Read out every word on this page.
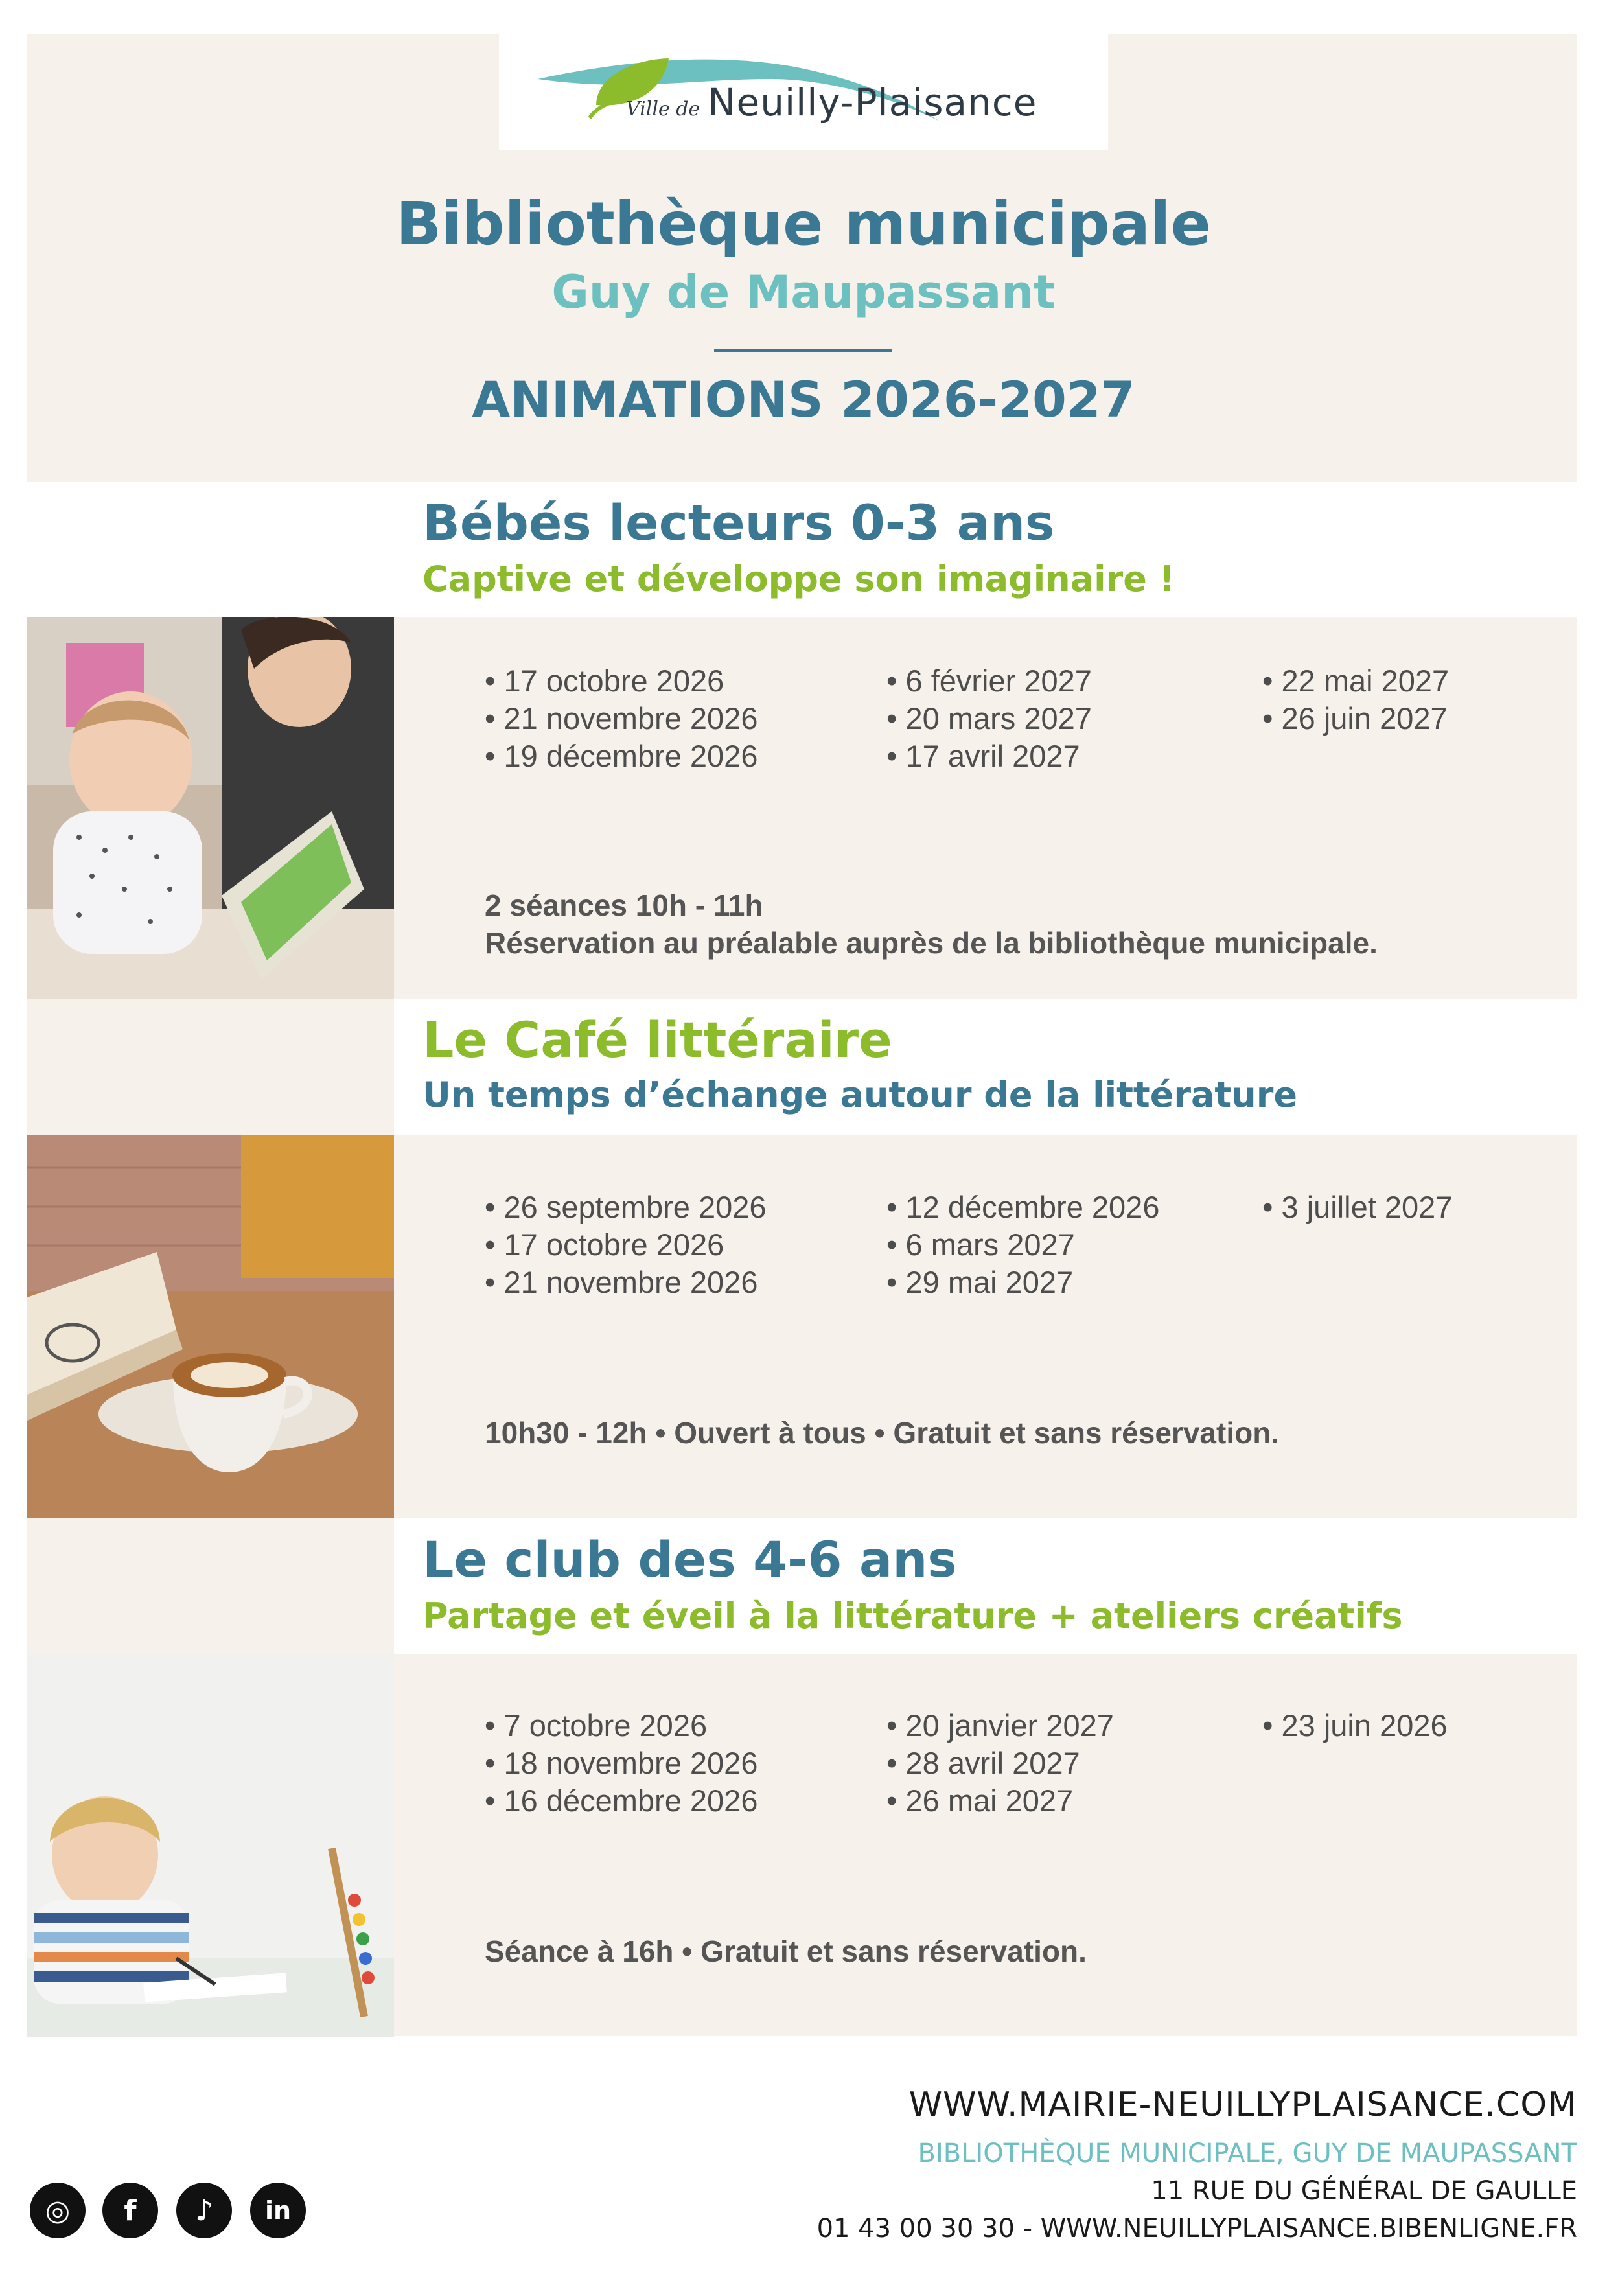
Ville de Neuilly-Plaisance
Bibliothèque municipale
Guy de Maupassant
ANIMATIONS 2026-2027
Bébés lecteurs 0-3 ans
Captive et développe son imaginaire !
• 17 octobre 2026
• 21 novembre 2026
• 19 décembre 2026
• 6 février 2027
• 20 mars 2027
• 17 avril 2027
• 22 mai 2027
• 26 juin 2027
2 séances 10h - 11h
Réservation au préalable auprès de la bibliothèque municipale.
Le Café littéraire
Un temps d’échange autour de la littérature
• 26 septembre 2026
• 17 octobre 2026
• 21 novembre 2026
• 12 décembre 2026
• 6 mars 2027
• 29 mai 2027
• 3 juillet 2027
10h30 - 12h • Ouvert à tous • Gratuit et sans réservation.
Le club des 4-6 ans
Partage et éveil à la littérature + ateliers créatifs
• 7 octobre 2026
• 18 novembre 2026
• 16 décembre 2026
• 20 janvier 2027
• 28 avril 2027
• 26 mai 2027
• 23 juin 2026
Séance à 16h • Gratuit et sans réservation.
WWW.MAIRIE-NEUILLYPLAISANCE.COM
BIBLIOTHÈQUE MUNICIPALE, GUY DE MAUPASSANT
11 RUE DU GÉNÉRAL DE GAULLE
01 43 00 30 30 - WWW.NEUILLYPLAISANCE.BIBENLIGNE.FR
◎	f	♪	in
